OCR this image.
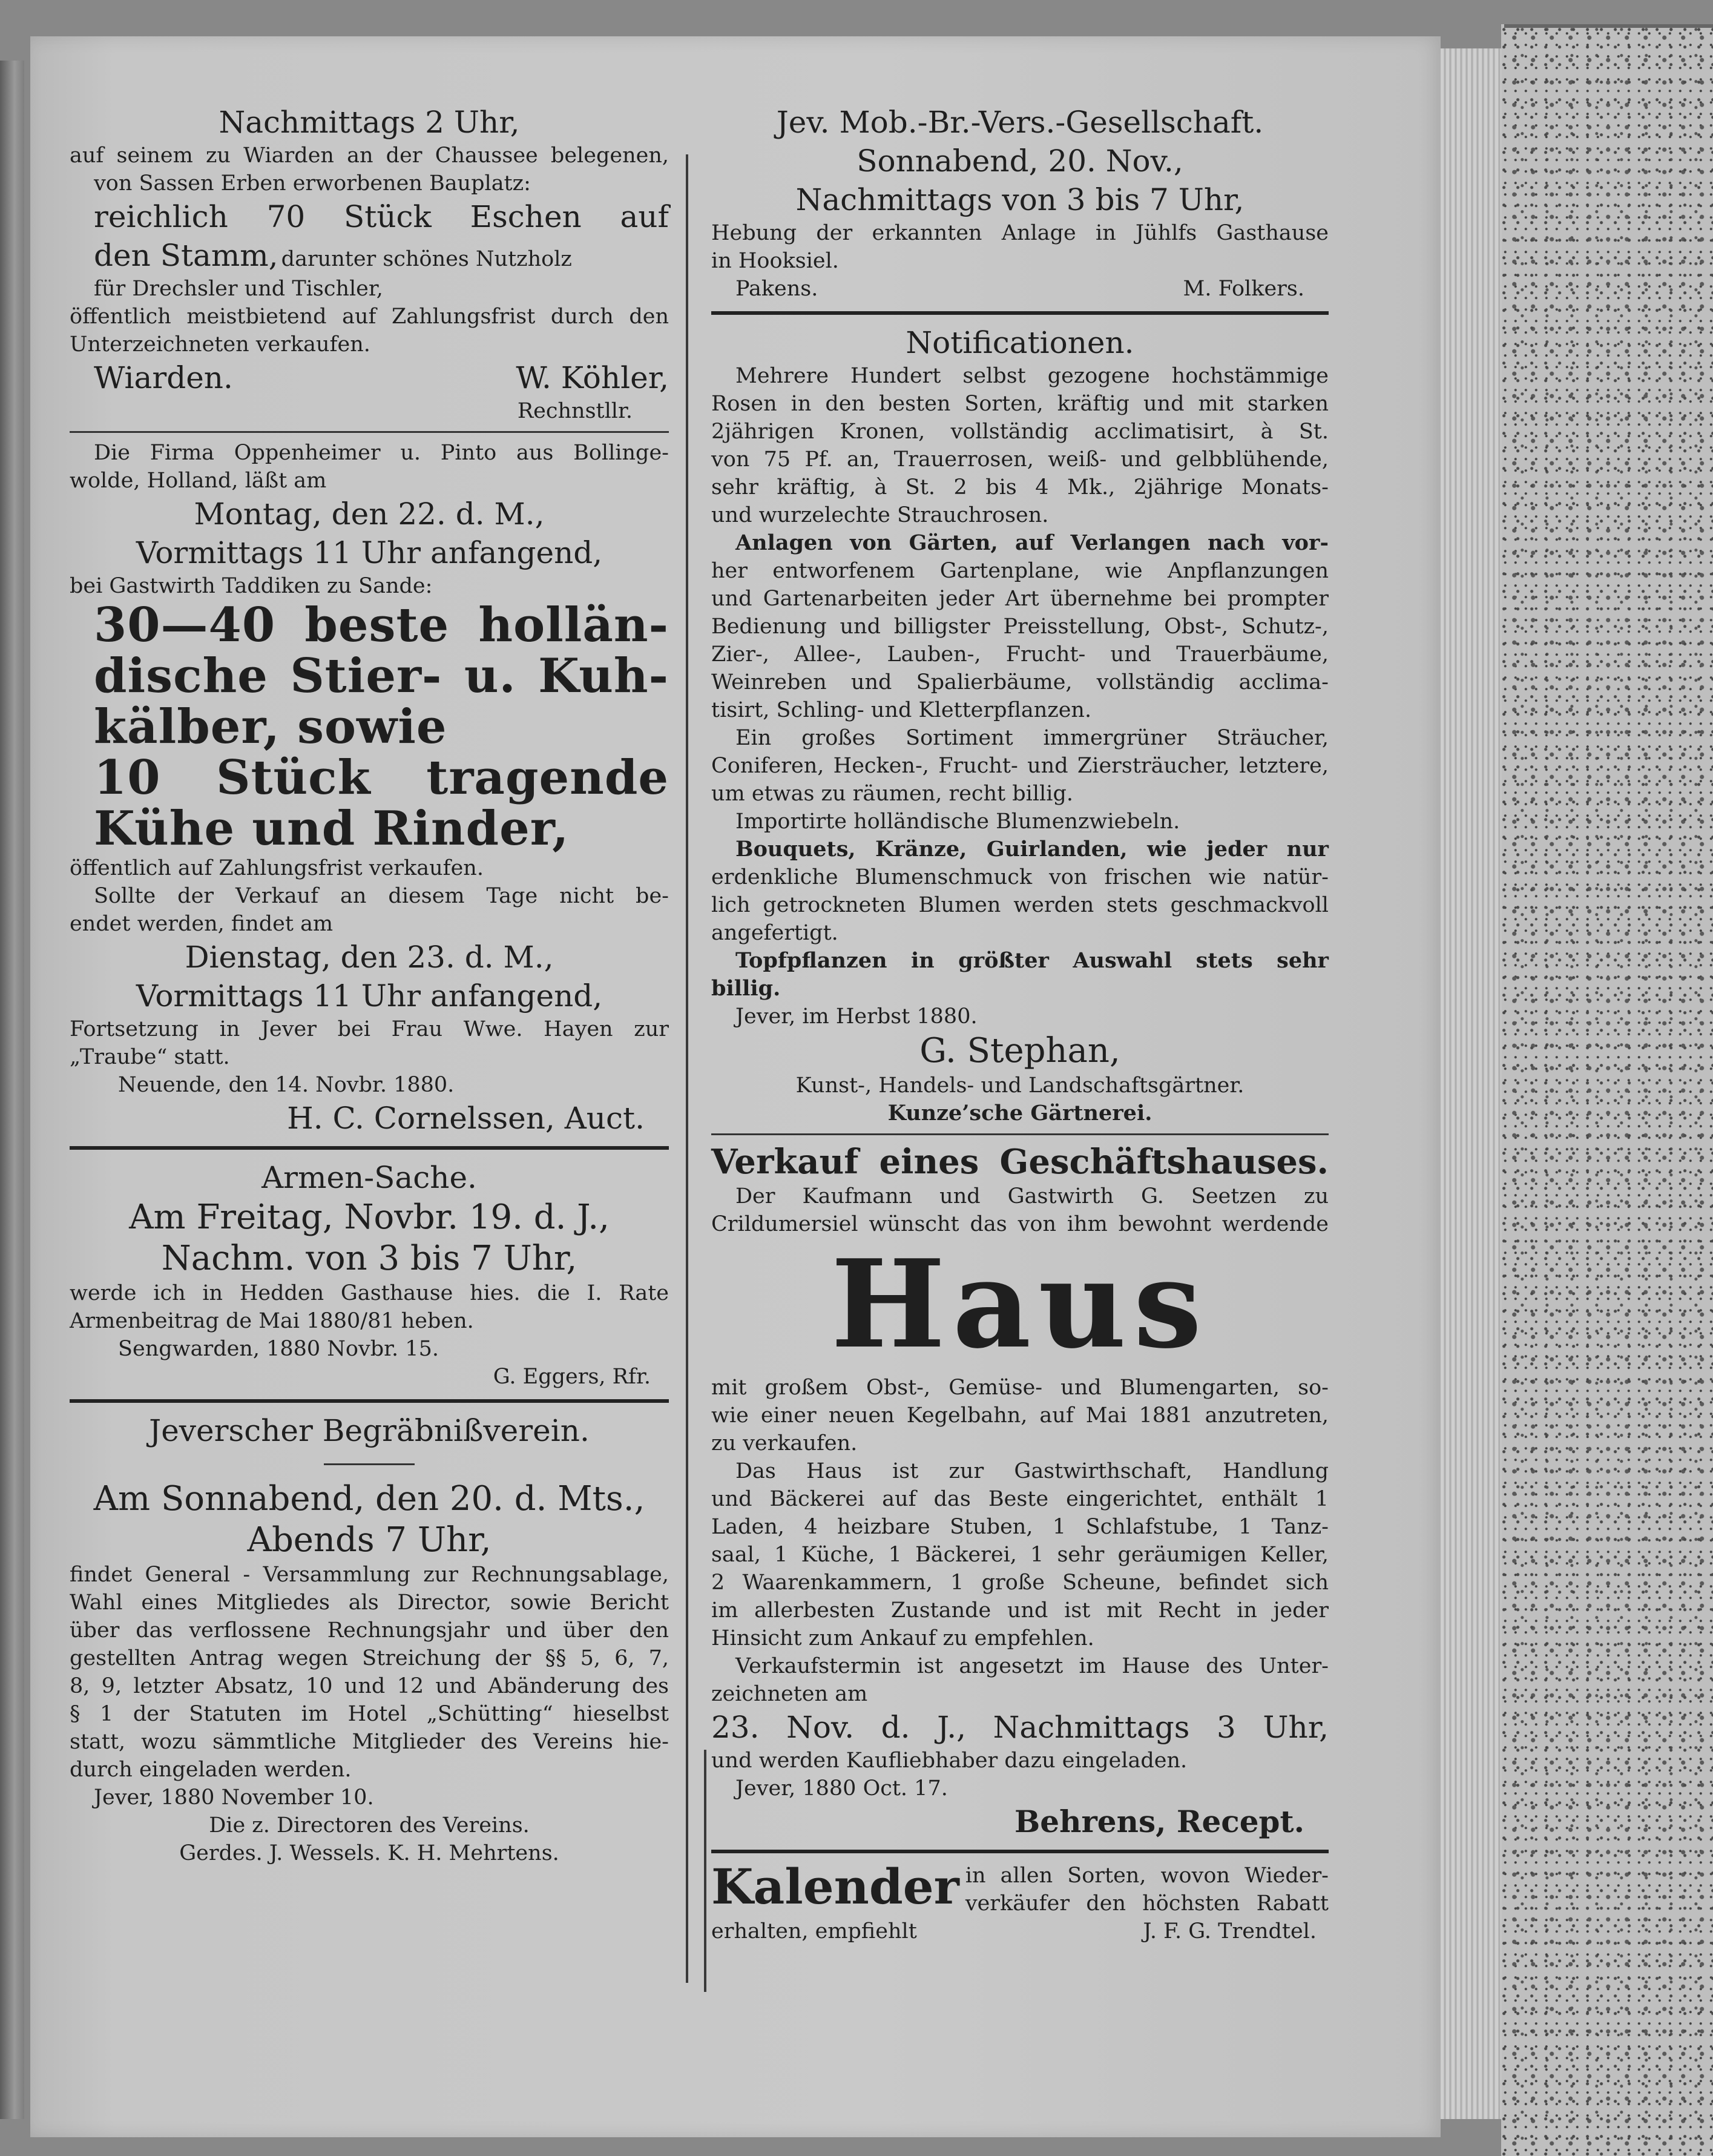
Nachmittags 2 Uhr,
auf seinem zu Wiarden an der Chaussee belegenen,
von Sassen Erben erworbenen Bauplatz:
reichlich 70 Stück Eschen auf
den Stamm, darunter schönes Nutzholz
für Drechsler und Tischler,
öffentlich meistbietend auf Zahlungsfrist durch den
Unterzeichneten verkaufen.
Wiarden.	W. Köhler,
Rechnstllr.
Die Firma Oppenheimer u. Pinto aus Bollinge-
wolde, Holland, läßt am
Montag, den 22. d. M.,
Vormittags 11 Uhr anfangend,
bei Gastwirth Taddiken zu Sande:
30—40 beste hollän-
dische Stier- u. Kuh-
kälber, sowie
10 Stück tragende
Kühe und Rinder,
öffentlich auf Zahlungsfrist verkaufen.
Sollte der Verkauf an diesem Tage nicht be-
endet werden, findet am
Dienstag, den 23. d. M.,
Vormittags 11 Uhr anfangend,
Fortsetzung in Jever bei Frau Wwe. Hayen zur
„Traube“ statt.
Neuende, den 14. Novbr. 1880.
H. C. Cornelssen, Auct.
Armen-Sache.
Am Freitag, Novbr. 19. d. J.,
Nachm. von 3 bis 7 Uhr,
werde ich in Hedden Gasthause hies. die I. Rate
Armenbeitrag de Mai 1880/81 heben.
Sengwarden, 1880 Novbr. 15.
G. Eggers, Rfr.
Jeverscher Begräbnißverein.
Am Sonnabend, den 20. d. Mts.,
Abends 7 Uhr,
findet General - Versammlung zur Rechnungsablage,
Wahl eines Mitgliedes als Director, sowie Bericht
über das verflossene Rechnungsjahr und über den
gestellten Antrag wegen Streichung der §§ 5, 6, 7,
8, 9, letzter Absatz, 10 und 12 und Abänderung des
§ 1 der Statuten im Hotel „Schütting“ hieselbst
statt, wozu sämmtliche Mitglieder des Vereins hie-
durch eingeladen werden.
Jever, 1880 November 10.
Die z. Directoren des Vereins.
Gerdes. J. Wessels. K. H. Mehrtens.
Jev. Mob.-Br.-Vers.-Gesellschaft.
Sonnabend, 20. Nov.,
Nachmittags von 3 bis 7 Uhr,
Hebung der erkannten Anlage in Jühlfs Gasthause
in Hooksiel.
Pakens.	M. Folkers.
Notificationen.
Mehrere Hundert selbst gezogene hochstämmige
Rosen in den besten Sorten, kräftig und mit starken
2jährigen Kronen, vollständig acclimatisirt, à St.
von 75 Pf. an, Trauerrosen, weiß- und gelbblühende,
sehr kräftig, à St. 2 bis 4 Mk., 2jährige Monats-
und wurzelechte Strauchrosen.
Anlagen von Gärten, auf Verlangen nach vor-
her entworfenem Gartenplane, wie Anpflanzungen
und Gartenarbeiten jeder Art übernehme bei prompter
Bedienung und billigster Preisstellung, Obst-, Schutz-,
Zier-, Allee-, Lauben-, Frucht- und Trauerbäume,
Weinreben und Spalierbäume, vollständig acclima-
tisirt, Schling- und Kletterpflanzen.
Ein großes Sortiment immergrüner Sträucher,
Coniferen, Hecken-, Frucht- und Ziersträucher, letztere,
um etwas zu räumen, recht billig.
Importirte holländische Blumenzwiebeln.
Bouquets, Kränze, Guirlanden, wie jeder nur
erdenkliche Blumenschmuck von frischen wie natür-
lich getrockneten Blumen werden stets geschmackvoll
angefertigt.
Topfpflanzen in größter Auswahl stets sehr
billig.
Jever, im Herbst 1880.
G. Stephan,
Kunst-, Handels- und Landschaftsgärtner.
Kunze’sche Gärtnerei.
Verkauf eines Geschäftshauses.
Der Kaufmann und Gastwirth G. Seetzen zu
Crildumersiel wünscht das von ihm bewohnt werdende
Haus
mit großem Obst-, Gemüse- und Blumengarten, so-
wie einer neuen Kegelbahn, auf Mai 1881 anzutreten,
zu verkaufen.
Das Haus ist zur Gastwirthschaft, Handlung
und Bäckerei auf das Beste eingerichtet, enthält 1
Laden, 4 heizbare Stuben, 1 Schlafstube, 1 Tanz-
saal, 1 Küche, 1 Bäckerei, 1 sehr geräumigen Keller,
2 Waarenkammern, 1 große Scheune, befindet sich
im allerbesten Zustande und ist mit Recht in jeder
Hinsicht zum Ankauf zu empfehlen.
Verkaufstermin ist angesetzt im Hause des Unter-
zeichneten am
23. Nov. d. J., Nachmittags 3 Uhr,
und werden Kaufliebhaber dazu eingeladen.
Jever, 1880 Oct. 17.
Behrens, Recept.
Kalender in allen Sorten, wovon Wieder-
verkäufer den höchsten Rabatt
erhalten, empfiehlt	J. F. G. Trendtel.
